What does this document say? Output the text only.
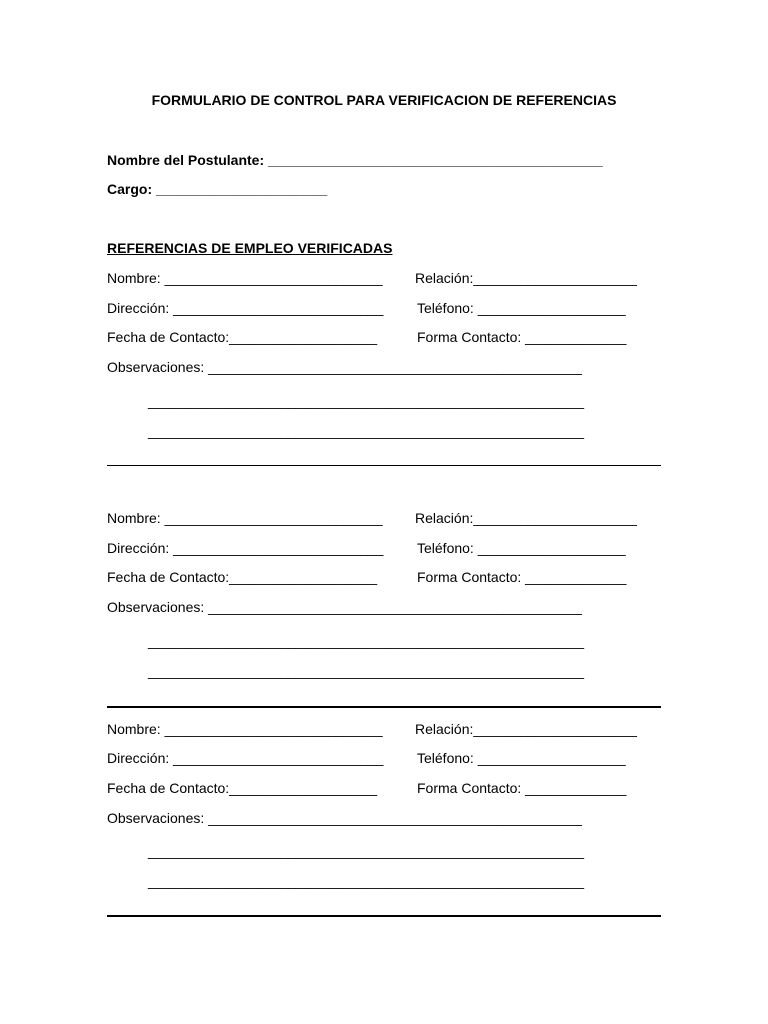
FORMULARIO DE CONTROL PARA VERIFICACION DE REFERENCIAS
Nombre del Postulante: ___________________________________________
Cargo: ______________________
REFERENCIAS DE EMPLEO VERIFICADAS
Nombre: ____________________________ Relación:_____________________
Dirección: ___________________________ Teléfono: ___________________
Fecha de Contacto:___________________	Forma Contacto: _____________
Observaciones: ________________________________________________
________________________________________________________
________________________________________________________
Nombre: ____________________________ Relación:_____________________
Dirección: ___________________________ Teléfono: ___________________
Fecha de Contacto:___________________	Forma Contacto: _____________
Observaciones: ________________________________________________
________________________________________________________
________________________________________________________
Nombre: ____________________________ Relación:_____________________
Dirección: ___________________________ Teléfono: ___________________
Fecha de Contacto:___________________	Forma Contacto: _____________
Observaciones: ________________________________________________
________________________________________________________
________________________________________________________
